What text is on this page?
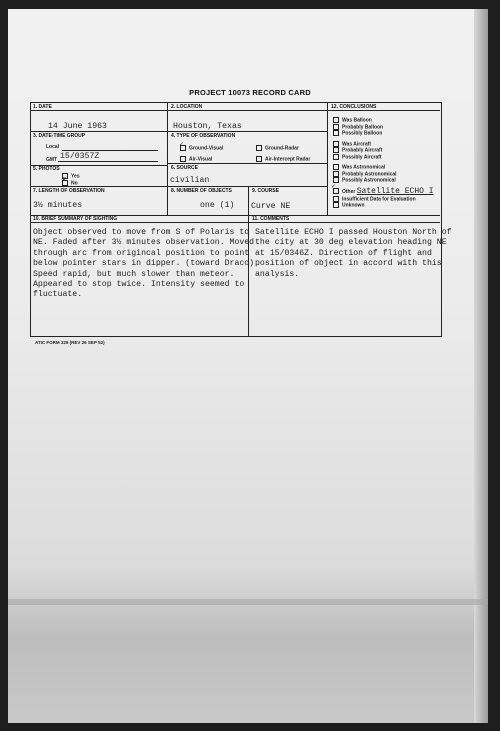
PROJECT 10073 RECORD CARD
1. DATE
14 June 1963
2. LOCATION
Houston, Texas
3. DATE-TIME GROUP
Local
GMT 15/0357Z
4. TYPE OF OBSERVATION
Ground-Visual
✓
Ground-Radar
Air-Visual	Air-Intercept Radar
5. PHOTOS
Yes
No
✗
6. SOURCE
civilian
7. LENGTH OF OBSERVATION
3½ minutes
8. NUMBER OF OBJECTS
one (1)
9. COURSE
Curve NE
12. CONCLUSIONS
Was Balloon
Probably Balloon
Possibly Balloon
Was Aircraft
Probably Aircraft
Possibly Aircraft
Was Astronomical
Probably Astronomical
Possibly Astronomical
Other Satellite ECHO I
Insufficient Data for Evaluation
Unknown
✓
10. BRIEF SUMMARY OF SIGHTING
Object observed to move from S of Polaris to
NE. Faded after 3½ minutes observation. Moved
through arc from origincal position to point
below pointer stars in dipper. (toward Draco)
Speed rapid, but much slower than meteor.
Appeared to stop twice. Intensity seemed to
fluctuate.
11. COMMENTS
Satellite ECHO I passed Houston North of
the city at 30 deg elevation heading NE
at 15/0346Z. Direction of flight and
position of object in accord with this
analysis.
ATIC FORM 329 (REV 26 SEP 52)
